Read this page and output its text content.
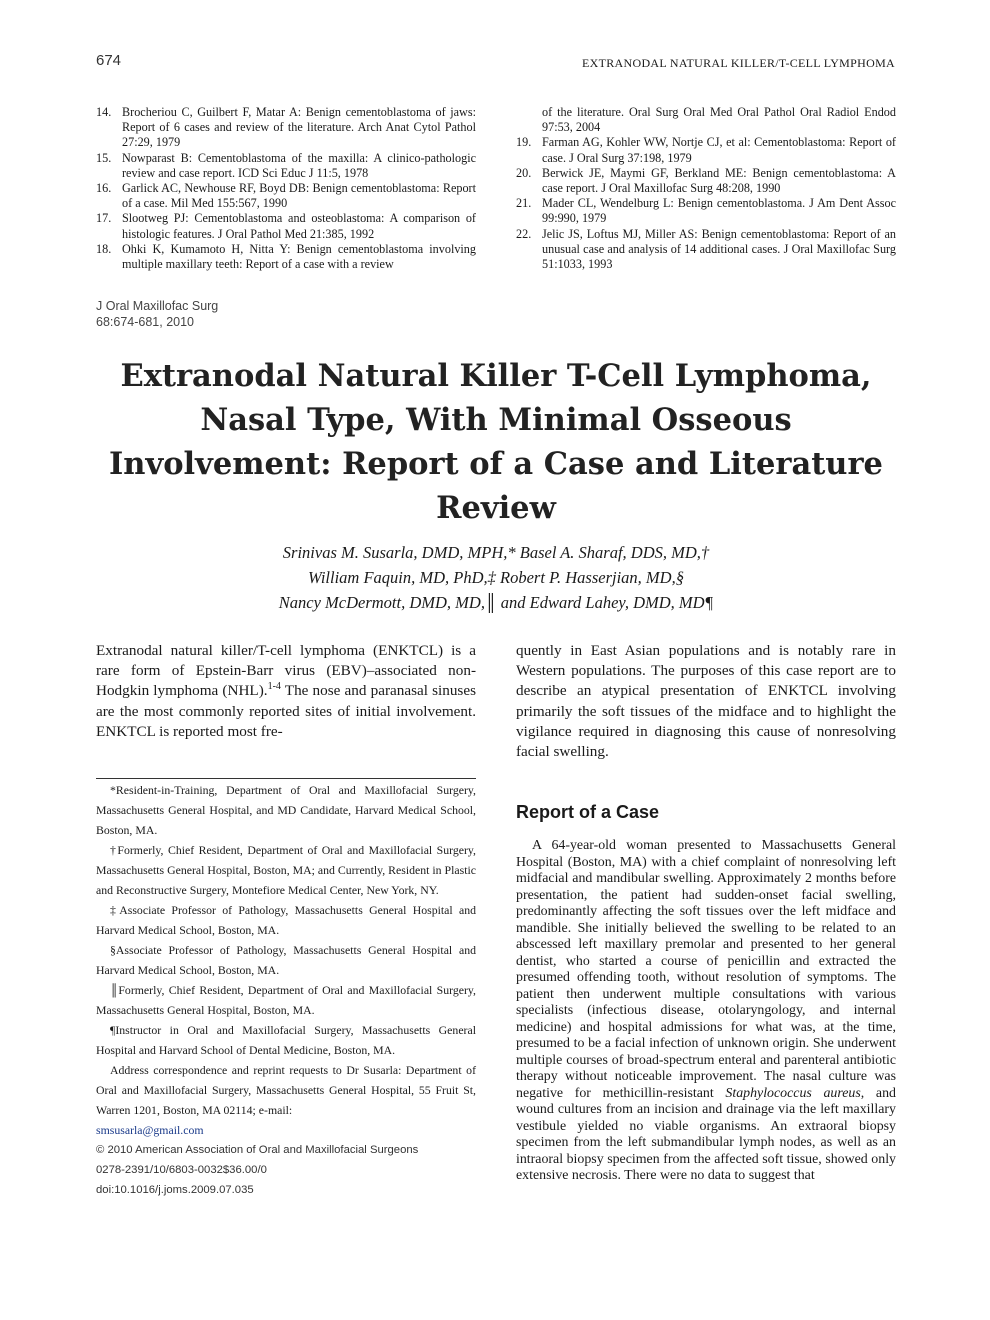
674	EXTRANODAL NATURAL KILLER/T-CELL LYMPHOMA
14. Brocheriou C, Guilbert F, Matar A: Benign cementoblastoma of jaws: Report of 6 cases and review of the literature. Arch Anat Cytol Pathol 27:29, 1979
15. Nowparast B: Cementoblastoma of the maxilla: A clinico-pathologic review and case report. ICD Sci Educ J 11:5, 1978
16. Garlick AC, Newhouse RF, Boyd DB: Benign cementoblastoma: Report of a case. Mil Med 155:567, 1990
17. Slootweg PJ: Cementoblastoma and osteoblastoma: A comparison of histologic features. J Oral Pathol Med 21:385, 1992
18. Ohki K, Kumamoto H, Nitta Y: Benign cementoblastoma involving multiple maxillary teeth: Report of a case with a review
of the literature. Oral Surg Oral Med Oral Pathol Oral Radiol Endod 97:53, 2004
19. Farman AG, Kohler WW, Nortje CJ, et al: Cementoblastoma: Report of case. J Oral Surg 37:198, 1979
20. Berwick JE, Maymi GF, Berkland ME: Benign cementoblastoma: A case report. J Oral Maxillofac Surg 48:208, 1990
21. Mader CL, Wendelburg L: Benign cementoblastoma. J Am Dent Assoc 99:990, 1979
22. Jelic JS, Loftus MJ, Miller AS: Benign cementoblastoma: Report of an unusual case and analysis of 14 additional cases. J Oral Maxillofac Surg 51:1033, 1993
J Oral Maxillofac Surg
68:674-681, 2010
Extranodal Natural Killer T-Cell Lymphoma, Nasal Type, With Minimal Osseous Involvement: Report of a Case and Literature Review
Srinivas M. Susarla, DMD, MPH,* Basel A. Sharaf, DDS, MD,†
William Faquin, MD, PhD,‡ Robert P. Hasserjian, MD,§
Nancy McDermott, DMD, MD,║ and Edward Lahey, DMD, MD¶
Extranodal natural killer/T-cell lymphoma (ENKTCL) is a rare form of Epstein-Barr virus (EBV)–associated non-Hodgkin lymphoma (NHL).$^{1-4}$ The nose and paranasal sinuses are the most commonly reported sites of initial involvement. ENKTCL is reported most fre-
quently in East Asian populations and is notably rare in Western populations. The purposes of this case report are to describe an atypical presentation of ENKTCL involving primarily the soft tissues of the midface and to highlight the vigilance required in diagnosing this cause of nonresolving facial swelling.

*Resident-in-Training, Department of Oral and Maxillofacial Surgery, Massachusetts General Hospital, and MD Candidate, Harvard Medical School, Boston, MA.

†Formerly, Chief Resident, Department of Oral and Maxillofacial Surgery, Massachusetts General Hospital, Boston, MA; and Currently, Resident in Plastic and Reconstructive Surgery, Montefiore Medical Center, New York, NY.

‡Associate Professor of Pathology, Massachusetts General Hospital and Harvard Medical School, Boston, MA.

§Associate Professor of Pathology, Massachusetts General Hospital and Harvard Medical School, Boston, MA.

║Formerly, Chief Resident, Department of Oral and Maxillofacial Surgery, Massachusetts General Hospital, Boston, MA.

¶Instructor in Oral and Maxillofacial Surgery, Massachusetts General Hospital and Harvard School of Dental Medicine, Boston, MA.

Address correspondence and reprint requests to Dr Susarla: Department of Oral and Maxillofacial Surgery, Massachusetts General Hospital, 55 Fruit St, Warren 1201, Boston, MA 02114; e-mail:
smsusarla@gmail.com

© 2010 American Association of Oral and Maxillofacial Surgeons
0278-2391/10/6803-0032$36.00/0
doi:10.1016/j.joms.2009.07.035
Report of a Case

A 64-year-old woman presented to Massachusetts General Hospital (Boston, MA) with a chief complaint of nonresolving left midfacial and mandibular swelling. Approximately 2 months before presentation, the patient had sudden-onset facial swelling, predominantly affecting the soft tissues over the left midface and mandible. She initially believed the swelling to be related to an abscessed left maxillary premolar and presented to her general dentist, who started a course of penicillin and extracted the presumed offending tooth, without resolution of symptoms. The patient then underwent multiple consultations with various specialists (infectious disease, otolaryngology, and internal medicine) and hospital admissions for what was, at the time, presumed to be a facial infection of unknown origin. She underwent multiple courses of broad-spectrum enteral and parenteral antibiotic therapy without noticeable improvement. The nasal culture was negative for methicillin-resistant Staphylococcus aureus, and wound cultures from an incision and drainage via the left maxillary vestibule yielded no viable organisms. An extraoral biopsy specimen from the left submandibular lymph nodes, as well as an intraoral biopsy specimen from the affected soft tissue, showed only extensive necrosis. There were no data to suggest that
